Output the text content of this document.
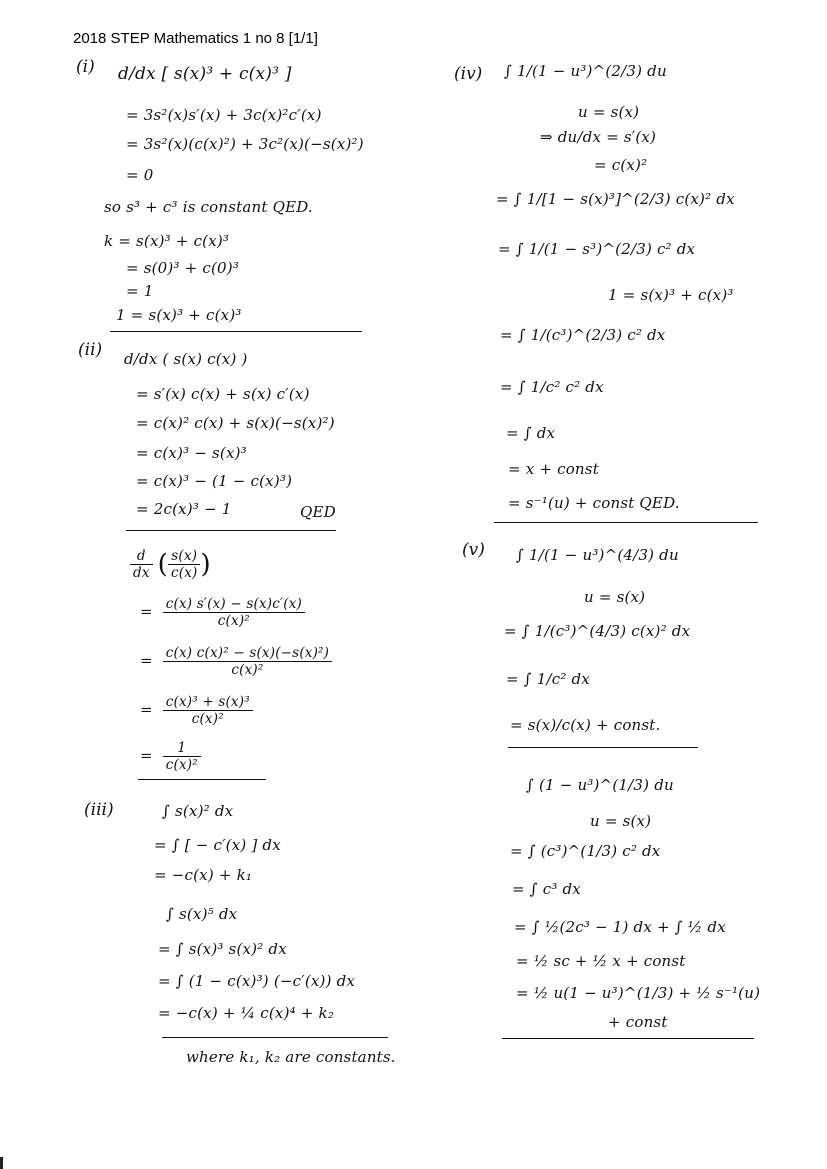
2018 STEP Mathematics 1 no 8 [1/1]
(i) d/dx [ s(x)³ + c(x)³ ]
= 3s²(x)s′(x) + 3c(x)²c′(x)
= 3s²(x)(c(x)²) + 3c²(x)(−s(x)²)
= 0
so s³ + c³ is constant QED.
k = s(x)³ + c(x)³
= s(0)³ + c(0)³
= 1
1 = s(x)³ + c(x)³
(ii) d/dx ( s(x) c(x) )
= s′(x) c(x) + s(x) c′(x)
= c(x)² c(x) + s(x)(−s(x)²)
= c(x)³ − s(x)³
= c(x)³ − (1 − c(x)³)
= 2c(x)³ − 1	QED
$\frac{d}{dx}$ ( $\frac{s(x)}{c(x)}$ )
= $\frac{c(x) s'(x) - s(x)c'(x)}{\text{c(x)²}}$
= $\frac{\text{c(x) c(x)² − s(x)(−s(x)²)}}{\text{c(x)²}}$
= $\frac{\text{c(x)³ + s(x)³}}{\text{c(x)²}}$
= $\frac{1}{\text{c(x)²}}$
(iii)	∫ s(x)² dx
= ∫ [ − c′(x) ] dx
= −c(x) + k₁
∫ s(x)⁵ dx
= ∫ s(x)³ s(x)² dx
= ∫ (1 − c(x)³) (−c′(x)) dx
= −c(x) + ¼ c(x)⁴ + k₂
where k₁, k₂ are constants.
(iv) ∫ 1/(1 − u³)^(2/3) du
u = s(x)
⇒ du/dx = s′(x)
= c(x)²
= ∫ 1/[1 − s(x)³]^(2/3) c(x)² dx
= ∫ 1/(1 − s³)^(2/3) c² dx
1 = s(x)³ + c(x)³
= ∫ 1/(c³)^(2/3) c² dx
= ∫ 1/c² c² dx
= ∫ dx
= x + const
= s⁻¹(u) + const QED.
(v) ∫ 1/(1 − u³)^(4/3) du
u = s(x)
= ∫ 1/(c³)^(4/3) c(x)² dx
= ∫ 1/c² dx
= s(x)/c(x) + const.
∫ (1 − u³)^(1/3) du
u = s(x)
= ∫ (c³)^(1/3) c² dx
= ∫ c³ dx
= ∫ ½(2c³ − 1) dx + ∫ ½ dx
= ½ sc + ½ x + const
= ½ u(1 − u³)^(1/3) + ½ s⁻¹(u)
+ const
